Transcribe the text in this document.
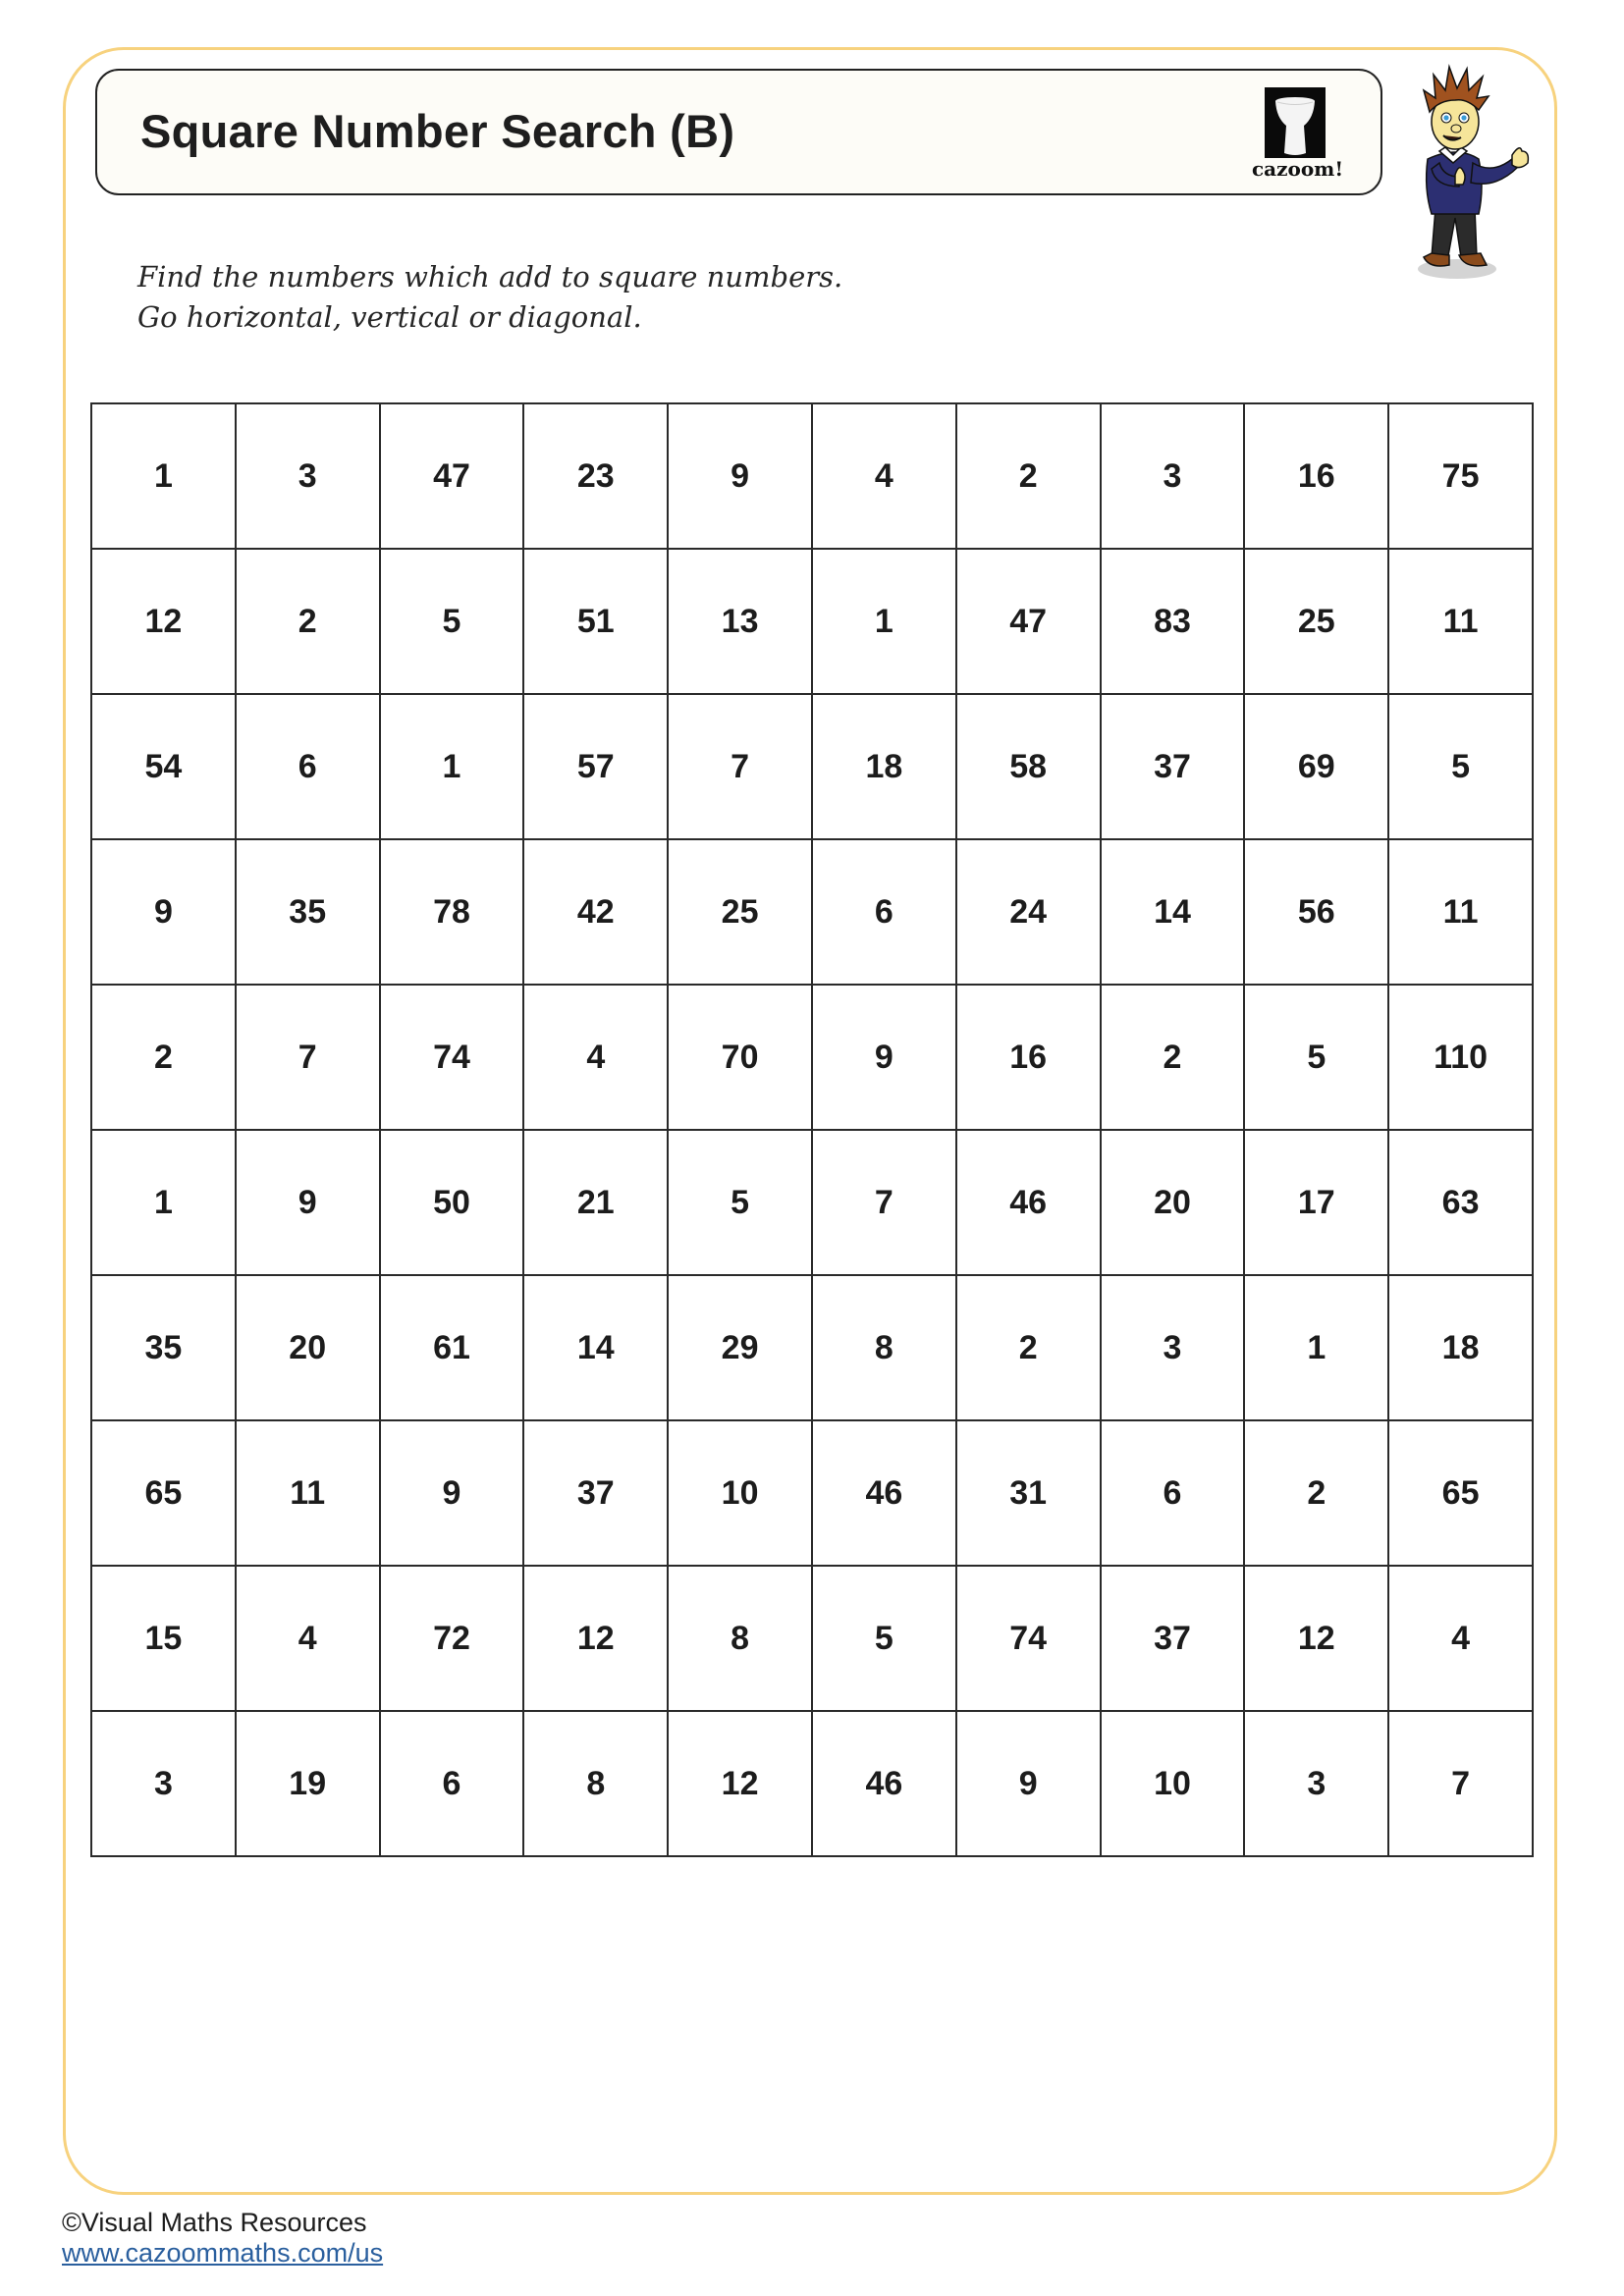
Square Number Search (B)
cazoom!
Find the numbers which add to square numbers.
Go horizontal, vertical or diagonal.
1	3	47	23	9	4	2	3	16	75
12	2	5	51	13	1	47	83	25	11
54	6	1	57	7	18	58	37	69	5
9	35	78	42	25	6	24	14	56	11
2	7	74	4	70	9	16	2	5	110
1	9	50	21	5	7	46	20	17	63
35	20	61	14	29	8	2	3	1	18
65	11	9	37	10	46	31	6	2	65
15	4	72	12	8	5	74	37	12	4
3	19	6	8	12	46	9	10	3	7
©Visual Maths Resources
www.cazoommaths.com/us
